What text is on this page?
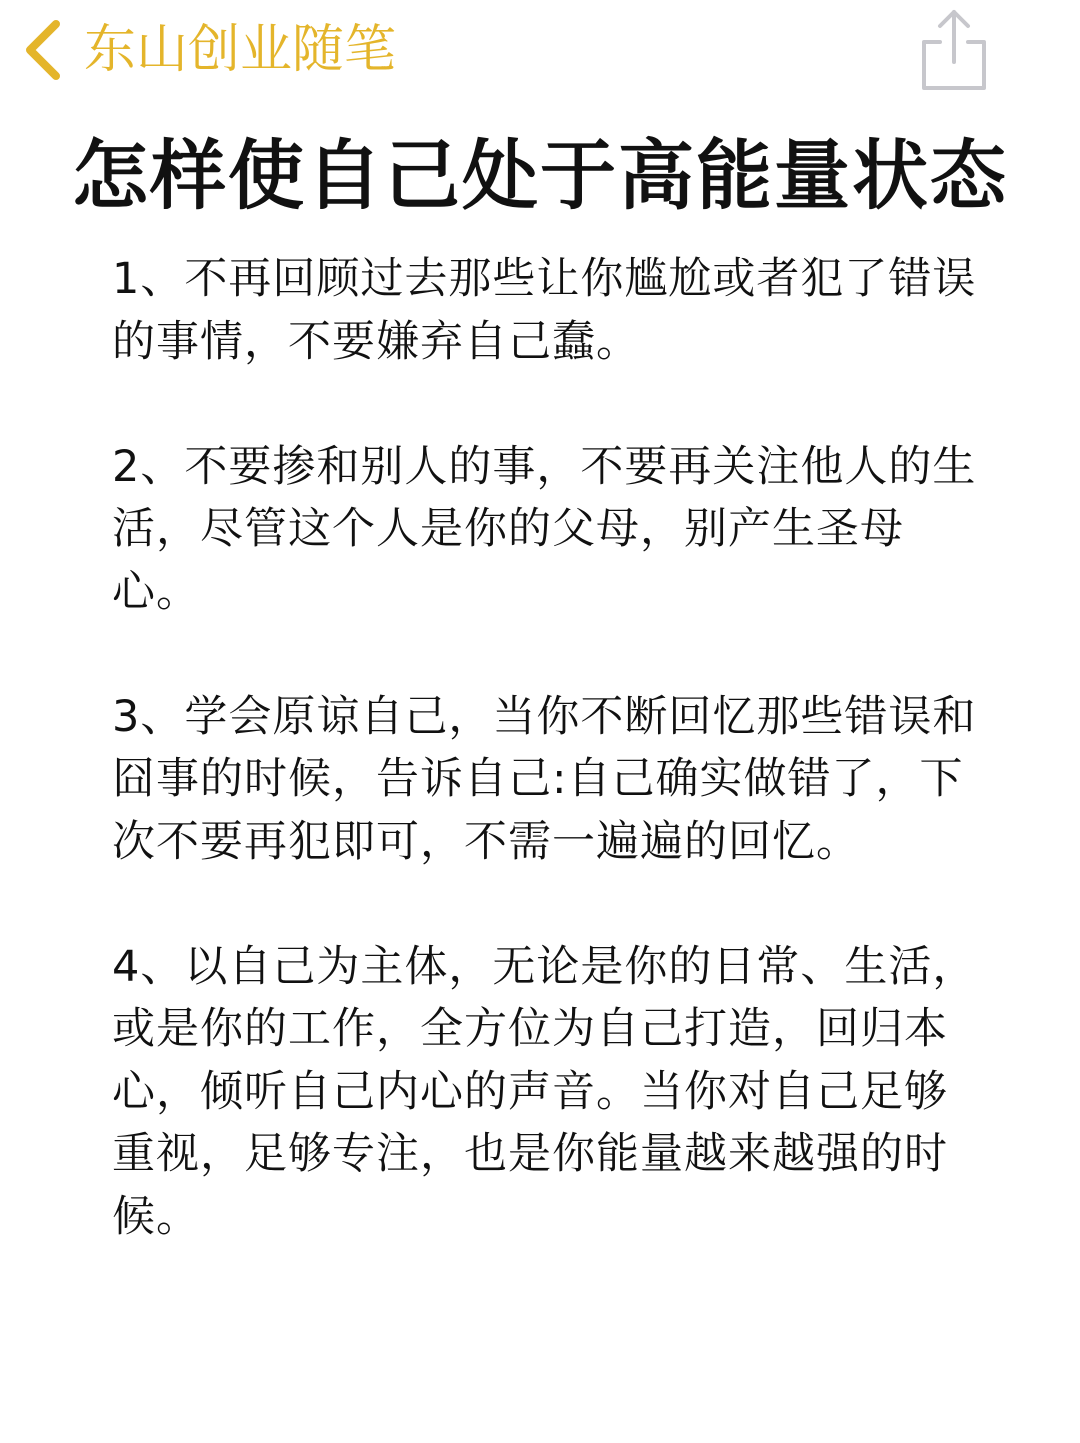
东山创业随笔
怎样使自己处于高能量状态

1、不再回顾过去那些让你尴尬或者犯了错误的事情，不要嫌弃自己蠢。

2、不要掺和别人的事，不要再关注他人的生活，尽管这个人是你的父母，别产生圣母心。

3、学会原谅自己，当你不断回忆那些错误和囧事的时候，告诉自己:自己确实做错了，下次不要再犯即可，不需一遍遍的回忆。

4、以自己为主体，无论是你的日常、生活，或是你的工作，全方位为自己打造，回归本心，倾听自己内心的声音。当你对自己足够重视，足够专注，也是你能量越来越强的时候。
